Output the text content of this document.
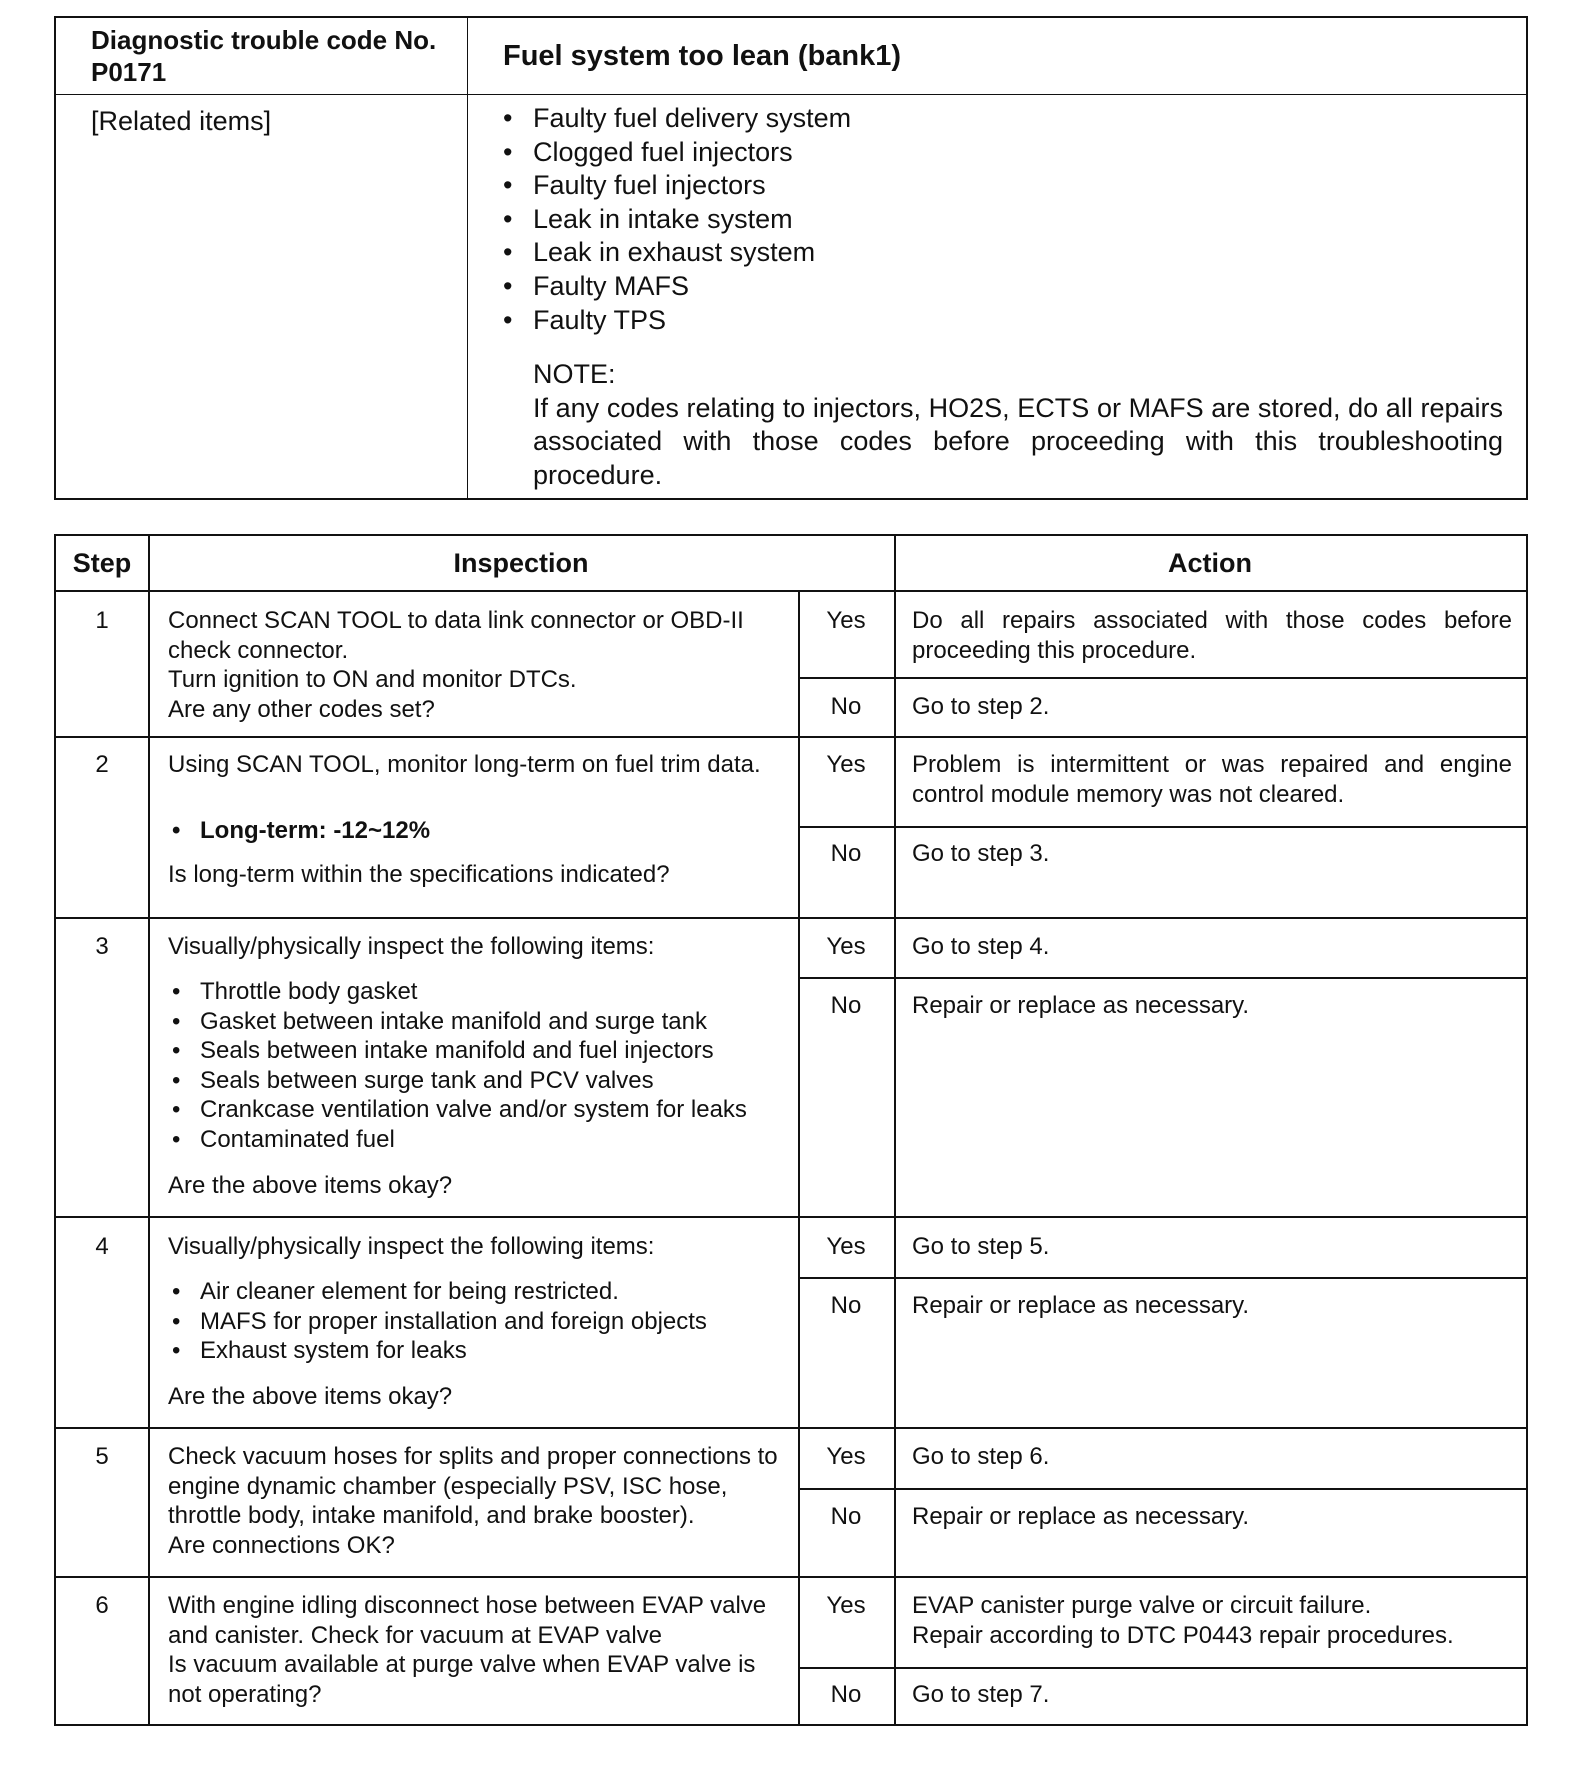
Diagnostic trouble code No. P0171	Fuel system too lean (bank1)
[Related items]	• Faulty fuel delivery system
• Clogged fuel injectors
• Faulty fuel injectors
• Leak in intake system
• Leak in exhaust system
• Faulty MAFS
• Faulty TPS
NOTE:
If any codes relating to injectors, HO2S, ECTS or MAFS are stored, do all repairs associated with those codes before proceeding with this troubleshooting procedure.
Step	Inspection	Action
1	Connect SCAN TOOL to data link connector or OBD-II check connector.
Turn ignition to ON and monitor DTCs.
Are any other codes set?
Yes	Do all repairs associated with those codes before proceeding this procedure.
No	Go to step 2.
2	Using SCAN TOOL, monitor long-term on fuel trim data.
• Long-term: -12~12%
Is long-term within the specifications indicated?
Yes	Problem is intermittent or was repaired and engine control module memory was not cleared.
No	Go to step 3.
3	Visually/physically inspect the following items:
• Throttle body gasket
• Gasket between intake manifold and surge tank
• Seals between intake manifold and fuel injectors
• Seals between surge tank and PCV valves
• Crankcase ventilation valve and/or system for leaks
• Contaminated fuel
Are the above items okay?
Yes	Go to step 4.
No	Repair or replace as necessary.
4	Visually/physically inspect the following items:
• Air cleaner element for being restricted.
• MAFS for proper installation and foreign objects
• Exhaust system for leaks
Are the above items okay?
Yes	Go to step 5.
No	Repair or replace as necessary.
5	Check vacuum hoses for splits and proper connections to engine dynamic chamber (especially PSV, ISC hose, throttle body, intake manifold, and brake booster).
Are connections OK?
Yes	Go to step 6.
No	Repair or replace as necessary.
6	With engine idling disconnect hose between EVAP valve and canister. Check for vacuum at EVAP valve
Is vacuum available at purge valve when EVAP valve is not operating?
Yes	EVAP canister purge valve or circuit failure.
Repair according to DTC P0443 repair procedures.
No	Go to step 7.
